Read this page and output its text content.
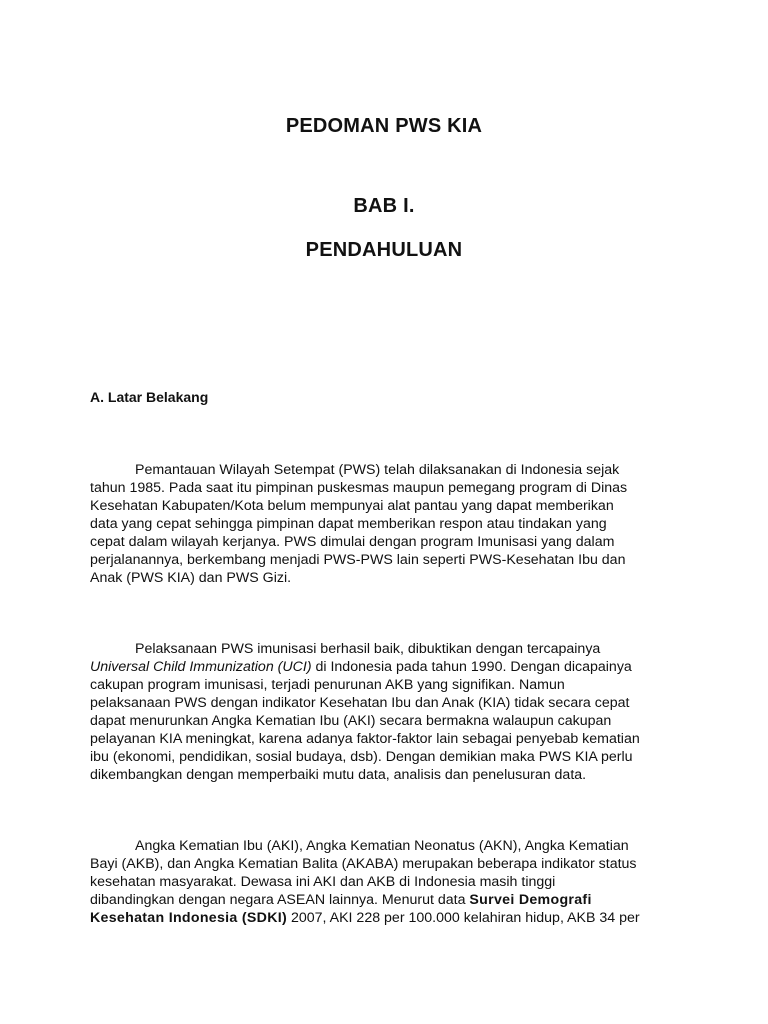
PEDOMAN PWS KIA
BAB I.
PENDAHULUAN
A. Latar Belakang
Pemantauan Wilayah Setempat (PWS) telah dilaksanakan di Indonesia sejak
tahun 1985. Pada saat itu pimpinan puskesmas maupun pemegang program di Dinas
Kesehatan Kabupaten/Kota belum mempunyai alat pantau yang dapat memberikan
data yang cepat sehingga pimpinan dapat memberikan respon atau tindakan yang
cepat dalam wilayah kerjanya. PWS dimulai dengan program Imunisasi yang dalam
perjalanannya, berkembang menjadi PWS-PWS lain seperti PWS-Kesehatan Ibu dan
Anak (PWS KIA) dan PWS Gizi.
Pelaksanaan PWS imunisasi berhasil baik, dibuktikan dengan tercapainya
Universal Child Immunization (UCI) di Indonesia pada tahun 1990. Dengan dicapainya
cakupan program imunisasi, terjadi penurunan AKB yang signifikan. Namun
pelaksanaan PWS dengan indikator Kesehatan Ibu dan Anak (KIA) tidak secara cepat
dapat menurunkan Angka Kematian Ibu (AKI) secara bermakna walaupun cakupan
pelayanan KIA meningkat, karena adanya faktor-faktor lain sebagai penyebab kematian
ibu (ekonomi, pendidikan, sosial budaya, dsb). Dengan demikian maka PWS KIA perlu
dikembangkan dengan memperbaiki mutu data, analisis dan penelusuran data.
Angka Kematian Ibu (AKI), Angka Kematian Neonatus (AKN), Angka Kematian
Bayi (AKB), dan Angka Kematian Balita (AKABA) merupakan beberapa indikator status
kesehatan masyarakat. Dewasa ini AKI dan AKB di Indonesia masih tinggi
dibandingkan dengan negara ASEAN lainnya. Menurut data Survei Demografi
Kesehatan Indonesia (SDKI) 2007, AKI 228 per 100.000 kelahiran hidup, AKB 34 per
